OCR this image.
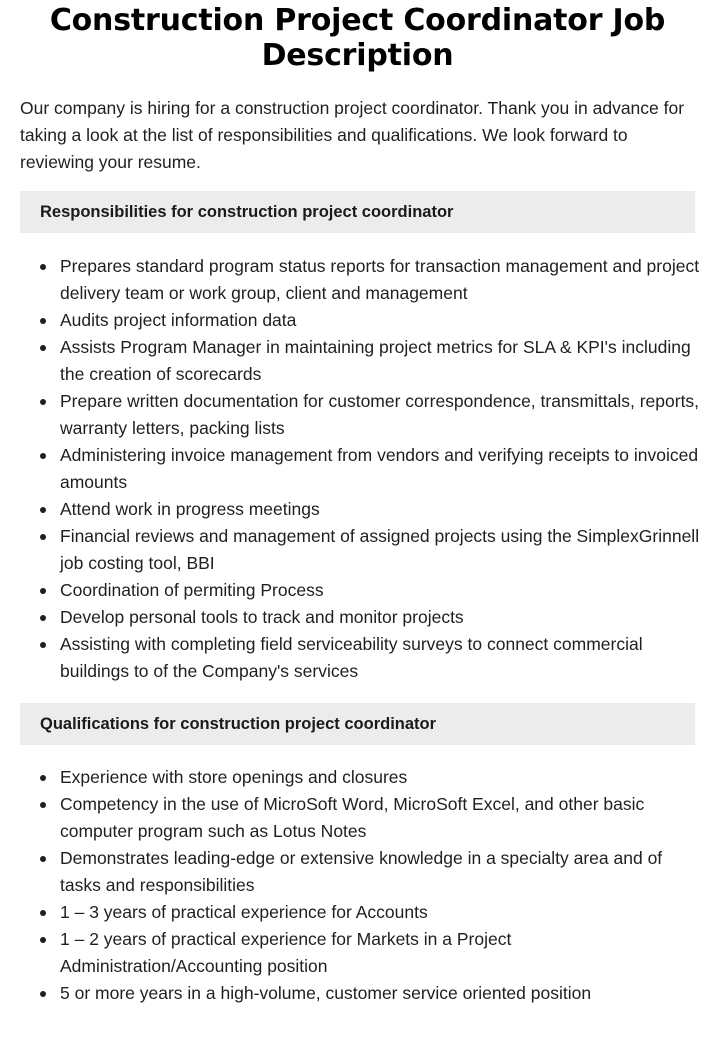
Construction Project Coordinator Job Description

Our company is hiring for a construction project coordinator. Thank you in advance for taking a look at the list of responsibilities and qualifications. We look forward to reviewing your resume.

Responsibilities for construction project coordinator
Prepares standard program status reports for transaction management and project delivery team or work group, client and management
Audits project information data
Assists Program Manager in maintaining project metrics for SLA & KPI's including the creation of scorecards
Prepare written documentation for customer correspondence, transmittals, reports, warranty letters, packing lists
Administering invoice management from vendors and verifying receipts to invoiced amounts
Attend work in progress meetings
Financial reviews and management of assigned projects using the SimplexGrinnell job costing tool, BBI
Coordination of permiting Process
Develop personal tools to track and monitor projects
Assisting with completing field serviceability surveys to connect commercial buildings to of the Company's services
Qualifications for construction project coordinator
Experience with store openings and closures
Competency in the use of MicroSoft Word, MicroSoft Excel, and other basic computer program such as Lotus Notes
Demonstrates leading-edge or extensive knowledge in a specialty area and of tasks and responsibilities
1 – 3 years of practical experience for Accounts
1 – 2 years of practical experience for Markets in a Project Administration/Accounting position
5 or more years in a high-volume, customer service oriented position
